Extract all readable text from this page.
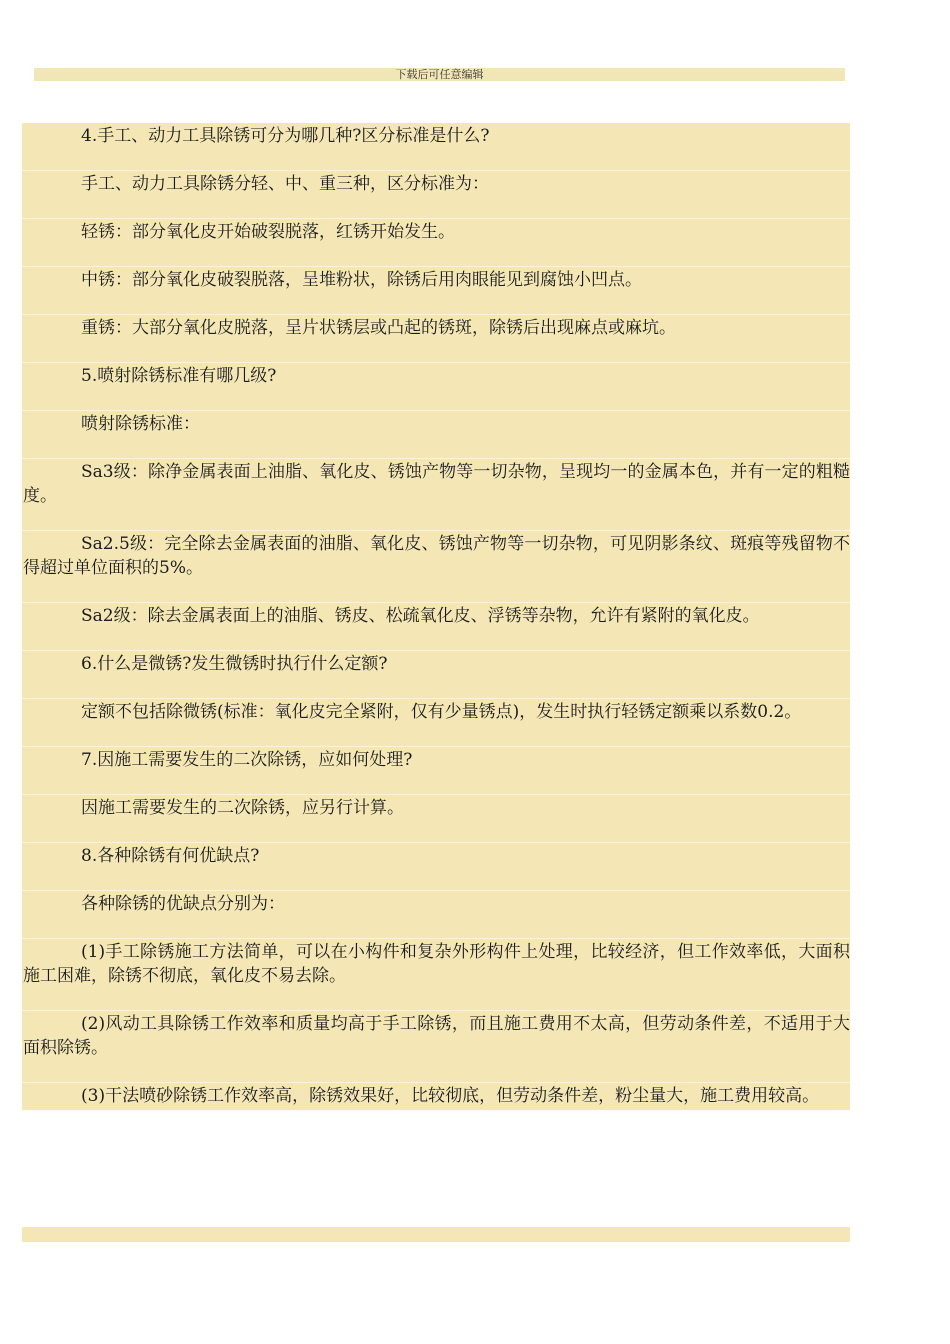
下载后可任意编辑

4.手工、动力工具除锈可分为哪几种?区分标准是什么?

手工、动力工具除锈分轻、中、重三种，区分标准为：

轻锈：部分氧化皮开始破裂脱落，红锈开始发生。

中锈：部分氧化皮破裂脱落，呈堆粉状，除锈后用肉眼能见到腐蚀小凹点。

重锈：大部分氧化皮脱落，呈片状锈层或凸起的锈斑，除锈后出现麻点或麻坑。

5.喷射除锈标准有哪几级?

喷射除锈标准：

Sa3级：除净金属表面上油脂、氧化皮、锈蚀产物等一切杂物，呈现均一的金属本色，并有一定的粗糙度。

Sa2.5级：完全除去金属表面的油脂、氧化皮、锈蚀产物等一切杂物，可见阴影条纹、斑痕等残留物不得超过单位面积的5%。

Sa2级：除去金属表面上的油脂、锈皮、松疏氧化皮、浮锈等杂物，允许有紧附的氧化皮。

6.什么是微锈?发生微锈时执行什么定额?

定额不包括除微锈(标准：氧化皮完全紧附，仅有少量锈点)，发生时执行轻锈定额乘以系数0.2。

7.因施工需要发生的二次除锈，应如何处理?

因施工需要发生的二次除锈，应另行计算。

8.各种除锈有何优缺点?

各种除锈的优缺点分别为：

(1)手工除锈施工方法简单，可以在小构件和复杂外形构件上处理，比较经济，但工作效率低，大面积施工困难，除锈不彻底，氧化皮不易去除。

(2)风动工具除锈工作效率和质量均高于手工除锈，而且施工费用不太高，但劳动条件差，不适用于大面积除锈。

(3)干法喷砂除锈工作效率高，除锈效果好，比较彻底，但劳动条件差，粉尘量大，施工费用较高。
